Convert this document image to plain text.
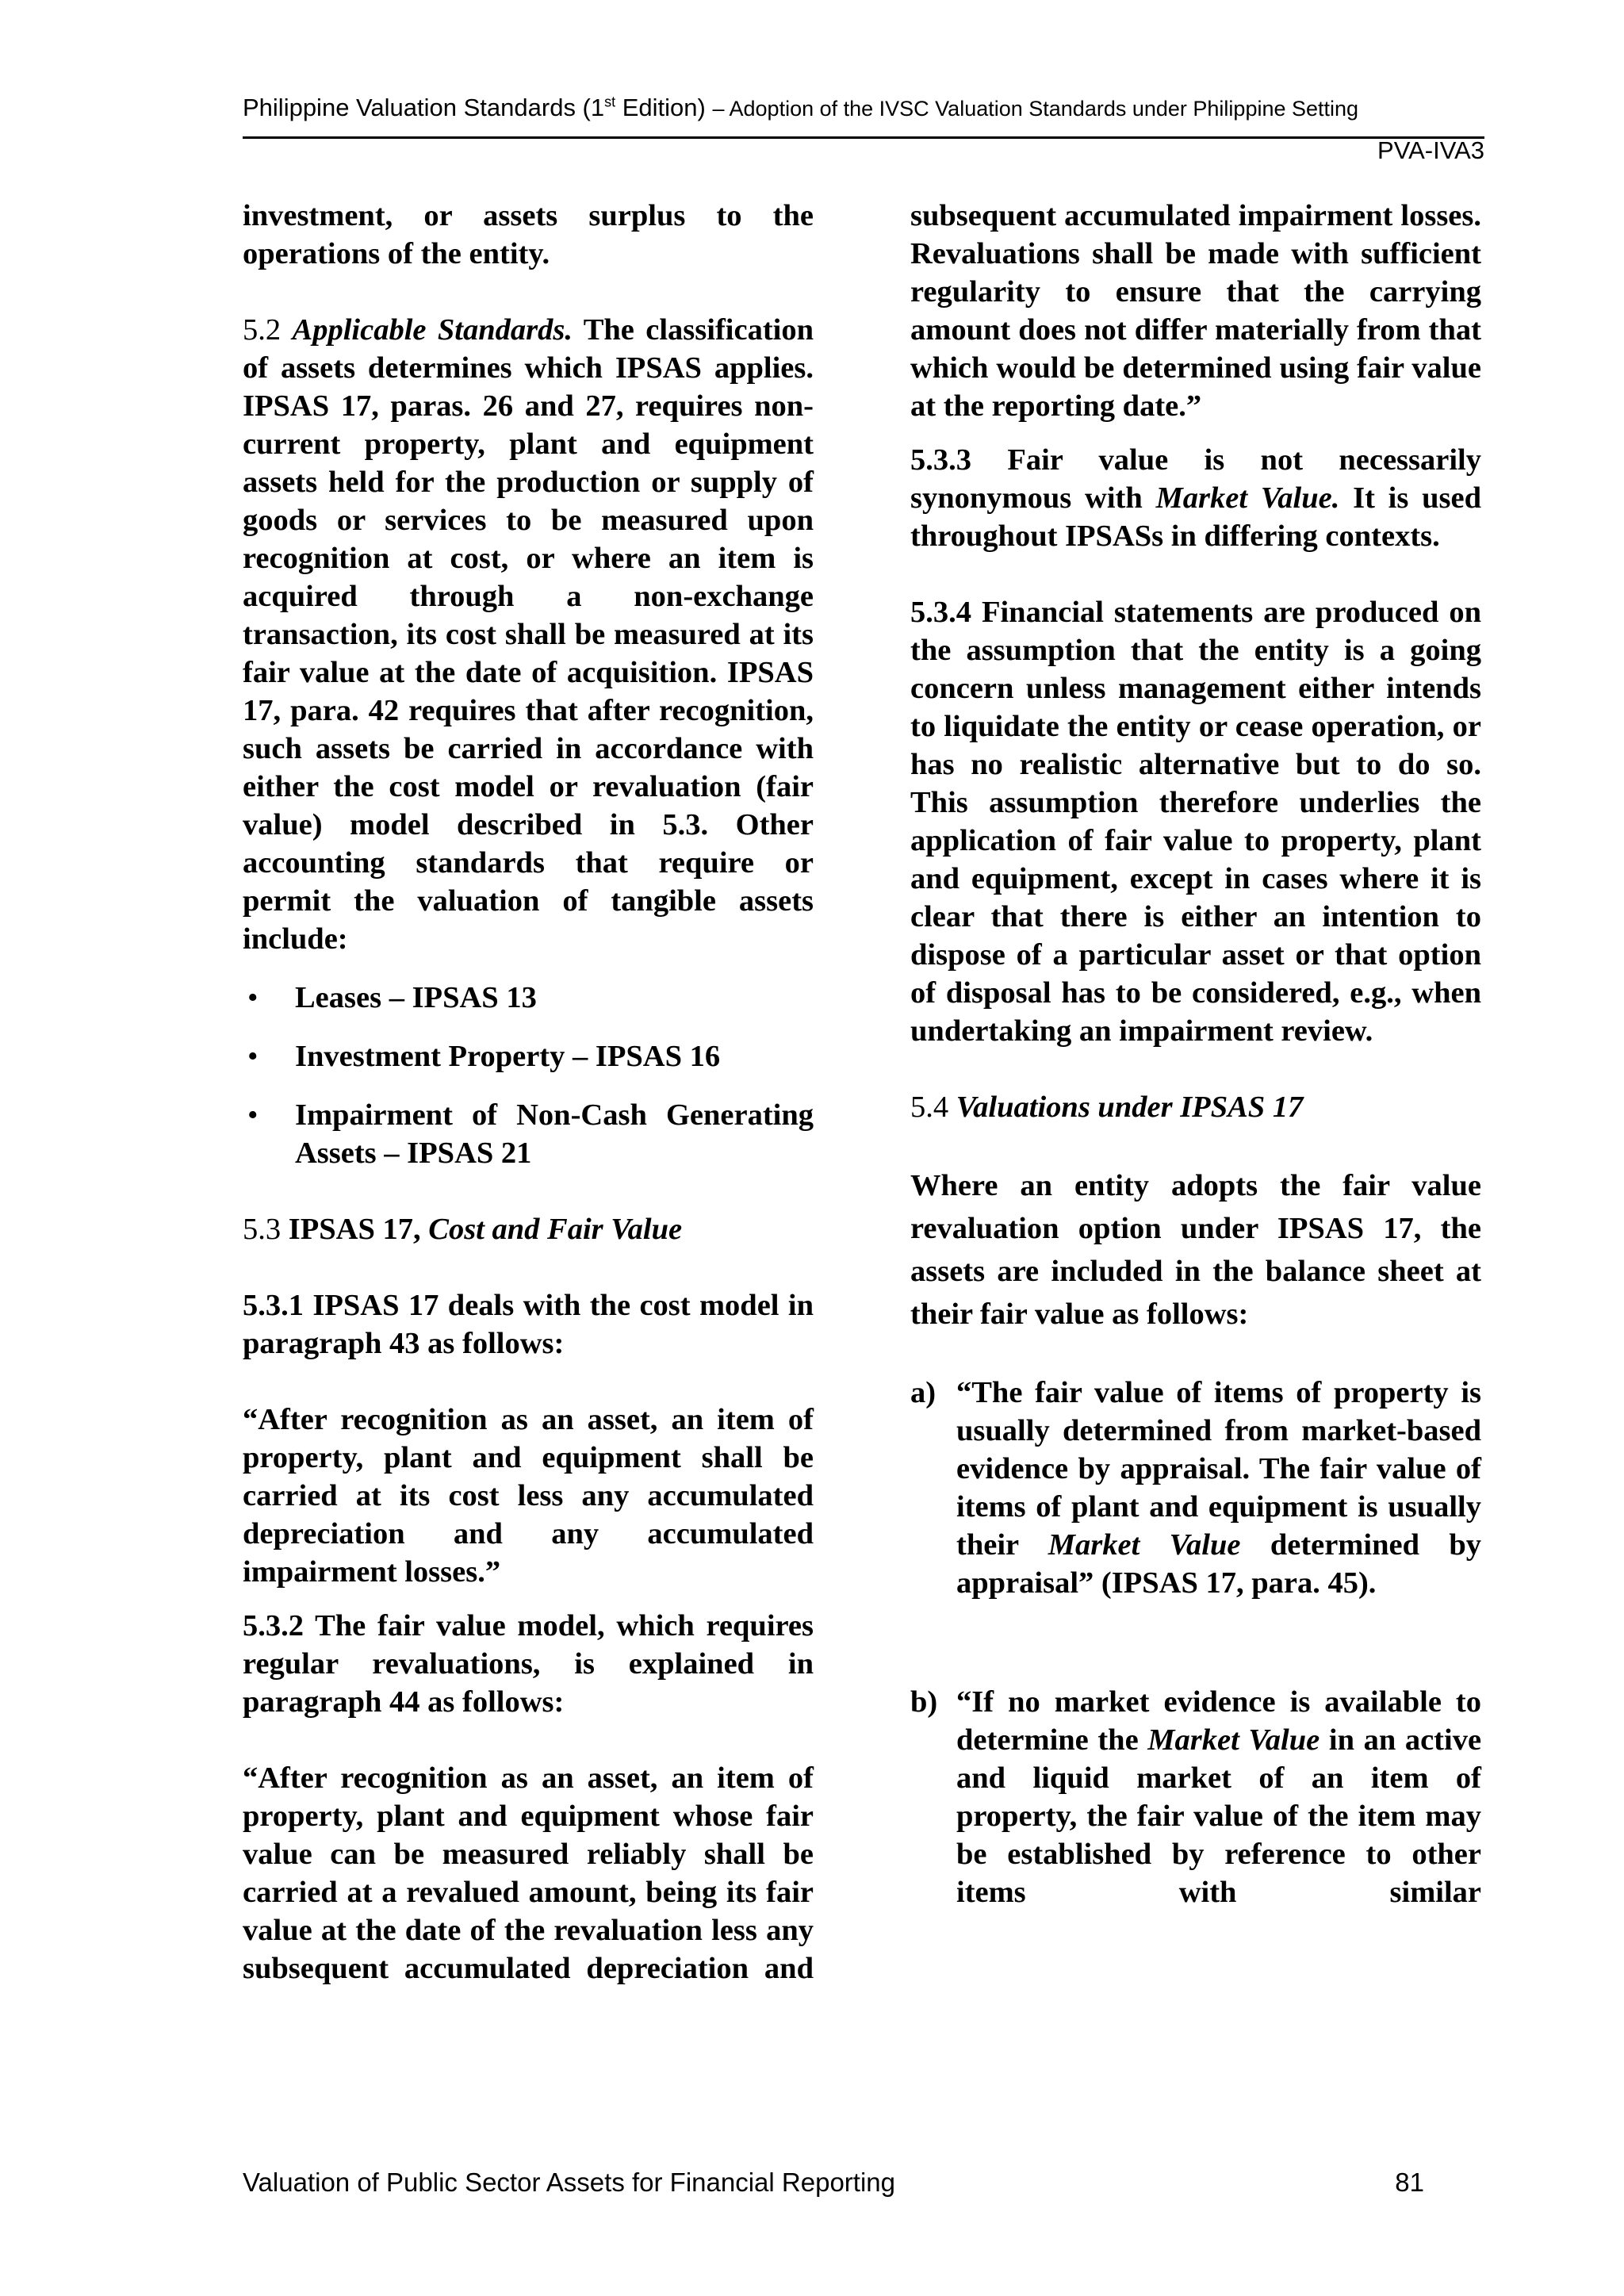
Philippine Valuation Standards (1st Edition) – Adoption of the IVSC Valuation Standards under Philippine Setting
PVA-IVA3

investment, or assets surplus to the operations of the entity.

5.2 Applicable Standards. The classification of assets determines which IPSAS applies. IPSAS 17, paras. 26 and 27, requires non-current property, plant and equipment assets held for the production or supply of goods or services to be measured upon recognition at cost, or where an item is acquired through a non-exchange transaction, its cost shall be measured at its fair value at the date of acquisition. IPSAS 17, para. 42 requires that after recognition, such assets be carried in accordance with either the cost model or revaluation (fair value) model described in 5.3. Other accounting standards that require or permit the valuation of tangible assets include:

• Leases – IPSAS 13
• Investment Property – IPSAS 16
• Impairment of Non-Cash Generating Assets – IPSAS 21

5.3 IPSAS 17, Cost and Fair Value

5.3.1 IPSAS 17 deals with the cost model in paragraph 43 as follows:

“After recognition as an asset, an item of property, plant and equipment shall be carried at its cost less any accumulated depreciation and any accumulated impairment losses.”

5.3.2 The fair value model, which requires regular revaluations, is explained in paragraph 44 as follows:

“After recognition as an asset, an item of property, plant and equipment whose fair value can be measured reliably shall be carried at a revalued amount, being its fair value at the date of the revaluation less any subsequent accumulated depreciation and

subsequent accumulated impairment losses. Revaluations shall be made with sufficient regularity to ensure that the carrying amount does not differ materially from that which would be determined using fair value at the reporting date.”

5.3.3 Fair value is not necessarily synonymous with Market Value. It is used throughout IPSASs in differing contexts.

5.3.4 Financial statements are produced on the assumption that the entity is a going concern unless management either intends to liquidate the entity or cease operation, or has no realistic alternative but to do so. This assumption therefore underlies the application of fair value to property, plant and equipment, except in cases where it is clear that there is either an intention to dispose of a particular asset or that option of disposal has to be considered, e.g., when undertaking an impairment review.

5.4 Valuations under IPSAS 17

Where an entity adopts the fair value revaluation option under IPSAS 17, the assets are included in the balance sheet at their fair value as follows:

a) “The fair value of items of property is usually determined from market-based evidence by appraisal. The fair value of items of plant and equipment is usually their Market Value determined by appraisal” (IPSAS 17, para. 45).

b) “If no market evidence is available to determine the Market Value in an active and liquid market of an item of property, the fair value of the item may be established by reference to other items with similar

Valuation of Public Sector Assets for Financial Reporting	81
